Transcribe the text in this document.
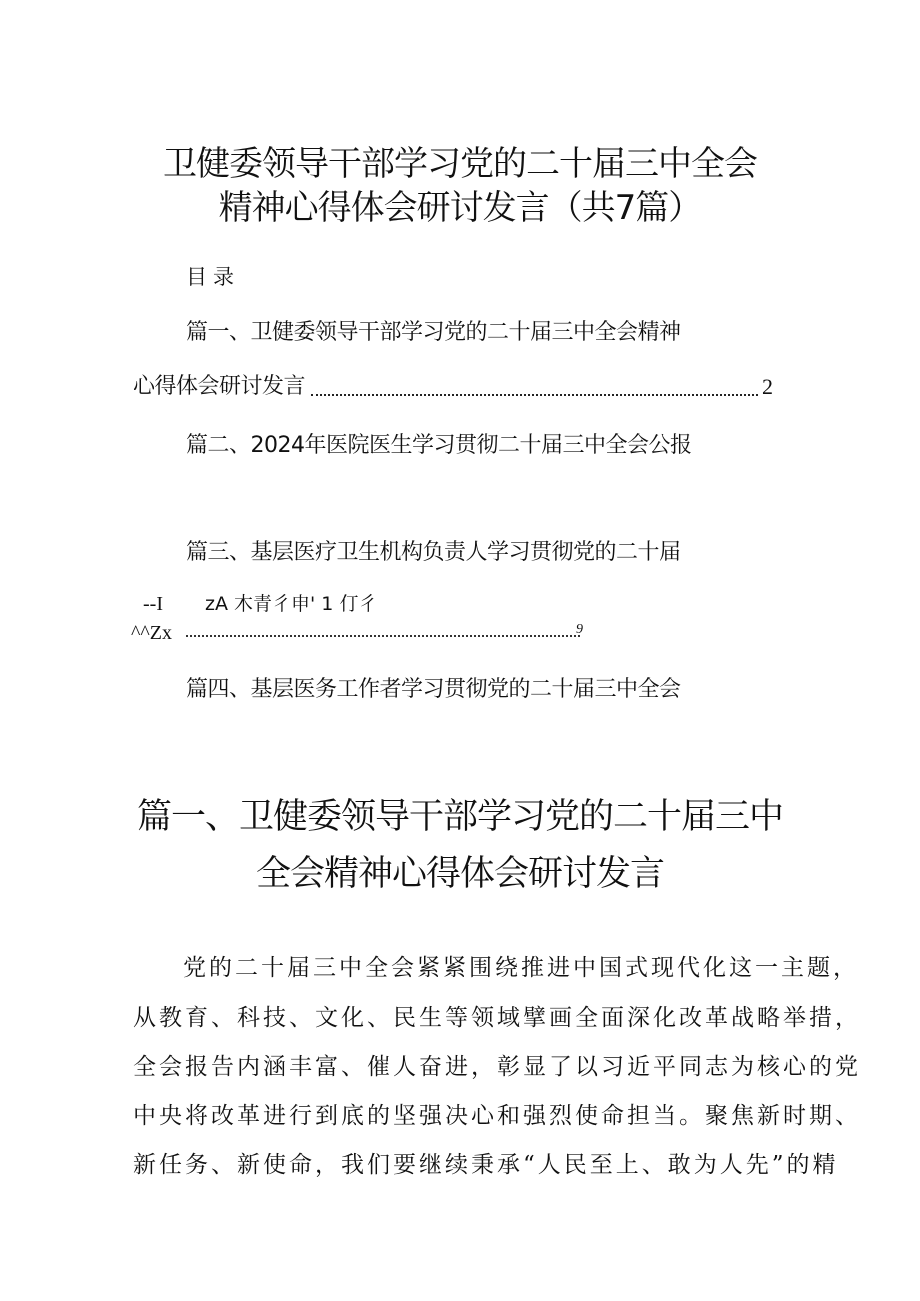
卫健委领导干部学习党的二十届三中全会
精神心得体会研讨发言（共7篇）
目录
篇一、卫健委领导干部学习党的二十届三中全会精神
心得体会研讨发言	2
篇二、2024年医院医生学习贯彻二十届三中全会公报
篇三、基层医疗卫生机构负责人学习贯彻党的二十届
--I zA 木青彳申' 1 仃彳
^^Zx	9
篇四、基层医务工作者学习贯彻党的二十届三中全会
篇一、卫健委领导干部学习党的二十届三中
全会精神心得体会研讨发言
党的二十届三中全会紧紧围绕推进中国式现代化这一主题，
从教育、科技、文化、民生等领域擘画全面深化改革战略举措，
全会报告内涵丰富、催人奋进，彰显了以习近平同志为核心的党
中央将改革进行到底的坚强决心和强烈使命担当。聚焦新时期、
新任务、新使命，我们要继续秉承“人民至上、敢为人先”的精
